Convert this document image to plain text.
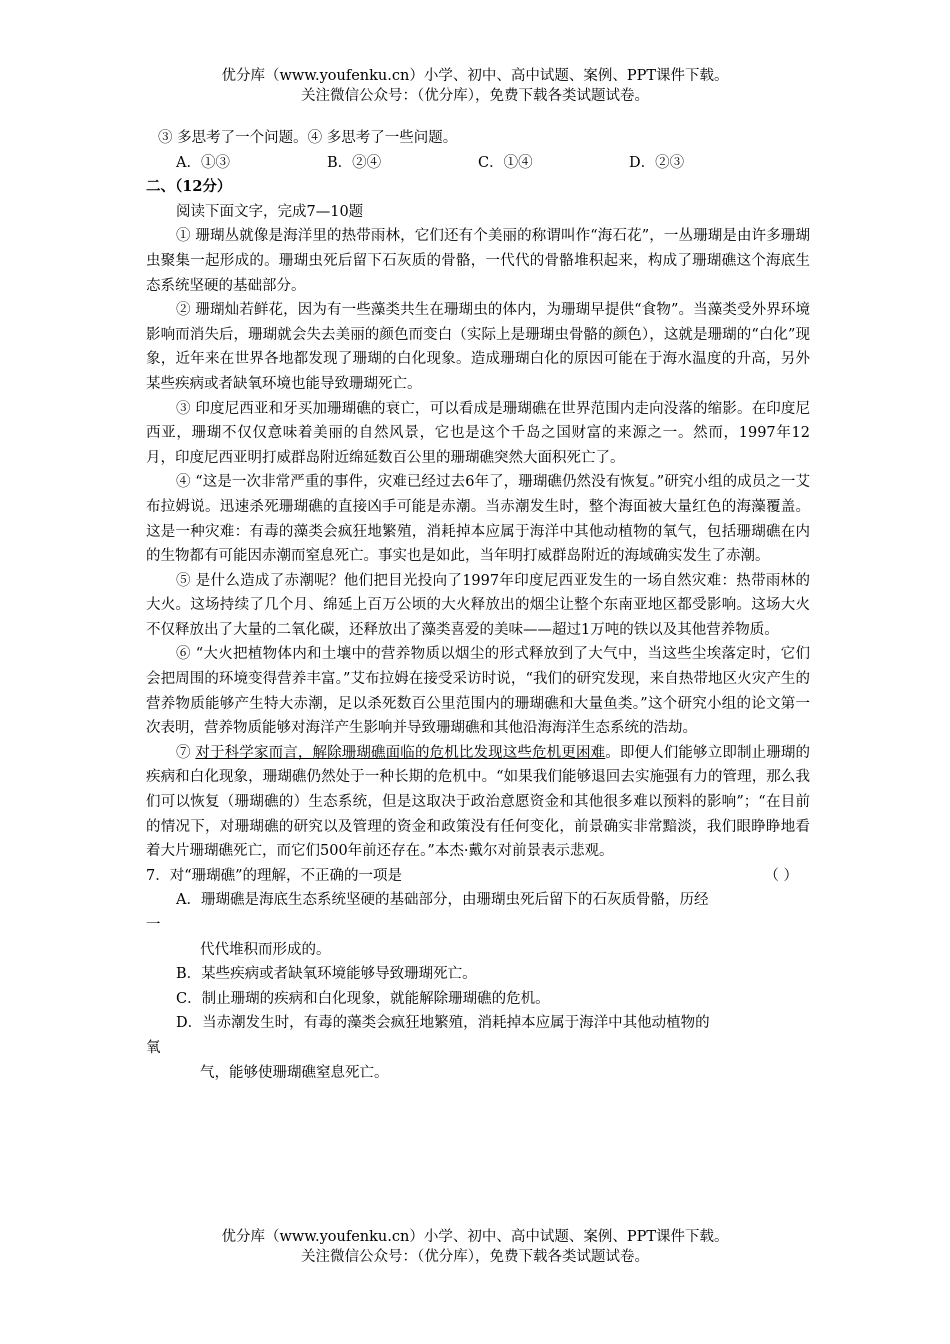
优分库（www.youfenku.cn）小学、初中、高中试题、案例、PPT课件下载。
关注微信公众号：（优分库），免费下载各类试题试卷。
③ 多思考了一个问题。④ 多思考了一些问题。
A．①③	B．②④	C．①④	D．②③
二、（12分）
阅读下面文字，完成7—10题
① 珊瑚丛就像是海洋里的热带雨林，它们还有个美丽的称谓叫作“海石花”，一丛珊瑚是由许多珊瑚虫聚集一起形成的。珊瑚虫死后留下石灰质的骨骼，一代代的骨骼堆积起来，构成了珊瑚礁这个海底生态系统坚硬的基础部分。
② 珊瑚灿若鲜花，因为有一些藻类共生在珊瑚虫的体内，为珊瑚早提供“食物”。当藻类受外界环境影响而消失后，珊瑚就会失去美丽的颜色而变白（实际上是珊瑚虫骨骼的颜色），这就是珊瑚的“白化”现象，近年来在世界各地都发现了珊瑚的白化现象。造成珊瑚白化的原因可能在于海水温度的升高，另外某些疾病或者缺氧环境也能导致珊瑚死亡。
③ 印度尼西亚和牙买加珊瑚礁的衰亡，可以看成是珊瑚礁在世界范围内走向没落的缩影。在印度尼西亚，珊瑚不仅仅意味着美丽的自然风景，它也是这个千岛之国财富的来源之一。然而，1997年12月，印度尼西亚明打威群岛附近绵延数百公里的珊瑚礁突然大面积死亡了。
④ “这是一次非常严重的事件，灾难已经过去6年了，珊瑚礁仍然没有恢复。”研究小组的成员之一艾布拉姆说。迅速杀死珊瑚礁的直接凶手可能是赤潮。当赤潮发生时，整个海面被大量红色的海藻覆盖。这是一种灾难：有毒的藻类会疯狂地繁殖，消耗掉本应属于海洋中其他动植物的氧气，包括珊瑚礁在内的生物都有可能因赤潮而窒息死亡。事实也是如此，当年明打威群岛附近的海域确实发生了赤潮。
⑤ 是什么造成了赤潮呢？他们把目光投向了1997年印度尼西亚发生的一场自然灾难：热带雨林的大火。这场持续了几个月、绵延上百万公顷的大火释放出的烟尘让整个东南亚地区都受影响。这场大火不仅释放出了大量的二氧化碳，还释放出了藻类喜爱的美味——超过1万吨的铁以及其他营养物质。
⑥ “大火把植物体内和土壤中的营养物质以烟尘的形式释放到了大气中，当这些尘埃落定时，它们会把周围的环境变得营养丰富。”艾布拉姆在接受采访时说，“我们的研究发现，来自热带地区火灾产生的营养物质能够产生特大赤潮，足以杀死数百公里范围内的珊瑚礁和大量鱼类。”这个研究小组的论文第一次表明，营养物质能够对海洋产生影响并导致珊瑚礁和其他沿海海洋生态系统的浩劫。
⑦ 对于科学家而言，解除珊瑚礁面临的危机比发现这些危机更困难。即便人们能够立即制止珊瑚的疾病和白化现象，珊瑚礁仍然处于一种长期的危机中。“如果我们能够退回去实施强有力的管理，那么我们可以恢复（珊瑚礁的）生态系统，但是这取决于政治意愿资金和其他很多难以预料的影响”；“在目前的情况下，对珊瑚礁的研究以及管理的资金和政策没有任何变化，前景确实非常黯淡，我们眼睁睁地看着大片珊瑚礁死亡，而它们500年前还存在。”本杰·戴尔对前景表示悲观。
7．对“珊瑚礁”的理解，不正确的一项是	（ ）
A．珊瑚礁是海底生态系统坚硬的基础部分，由珊瑚虫死后留下的石灰质骨骼，历经
一
代代堆积而形成的。
B．某些疾病或者缺氧环境能够导致珊瑚死亡。
C．制止珊瑚的疾病和白化现象，就能解除珊瑚礁的危机。
D．当赤潮发生时，有毒的藻类会疯狂地繁殖，消耗掉本应属于海洋中其他动植物的
氧
气，能够使珊瑚礁窒息死亡。
优分库（www.youfenku.cn）小学、初中、高中试题、案例、PPT课件下载。
关注微信公众号：（优分库），免费下载各类试题试卷。
